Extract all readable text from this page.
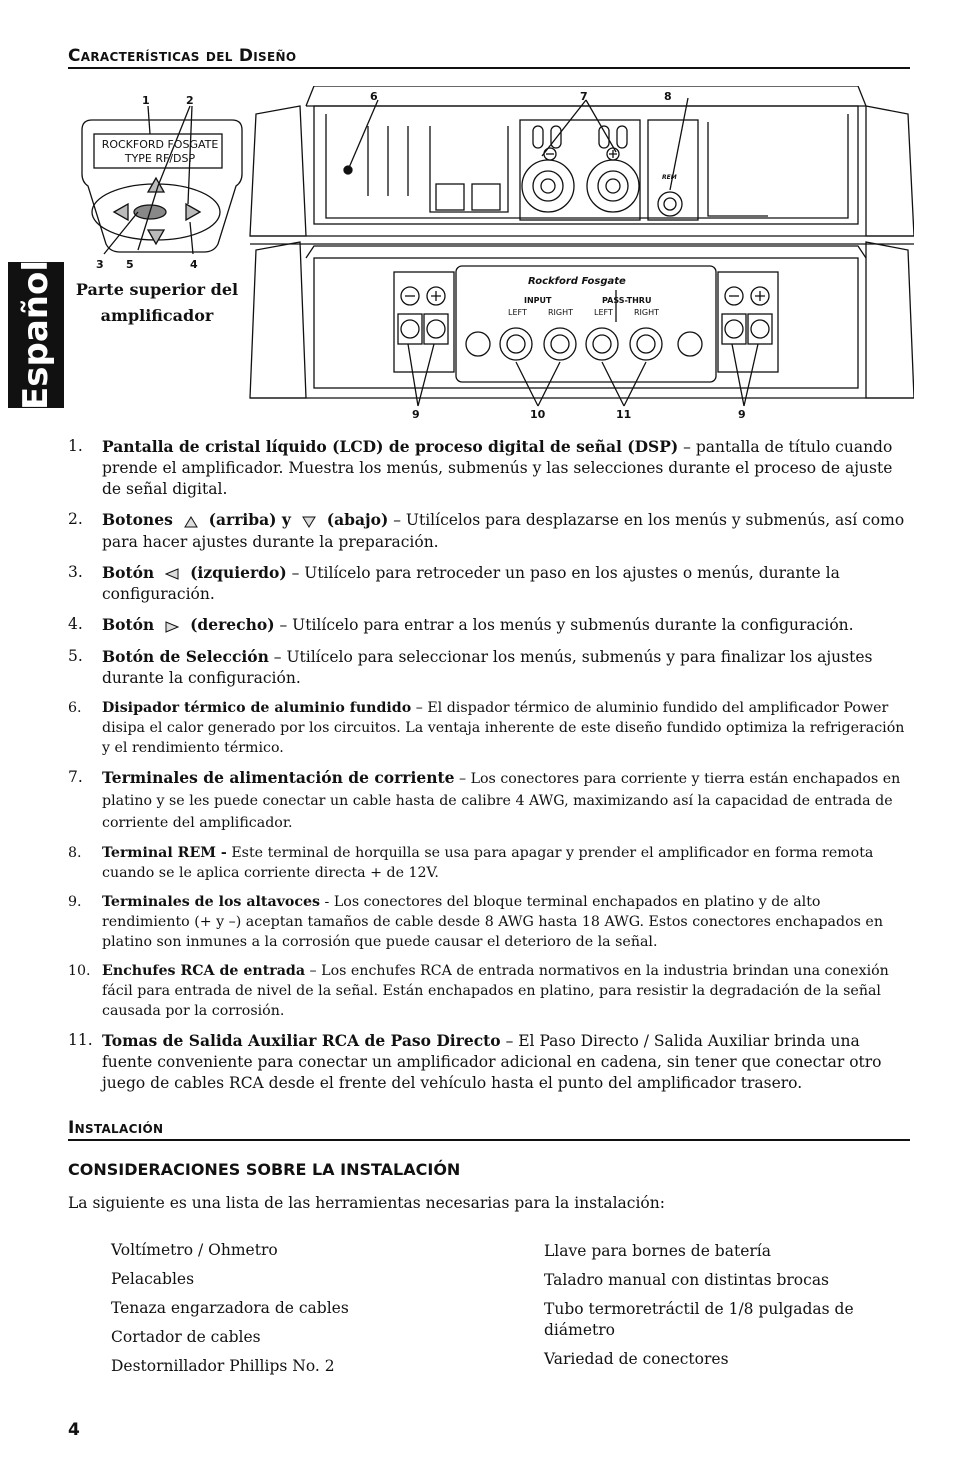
Español
Características del Diseño
ROCKFORD FOSGATE
TYPE RF/DSP
1	2
3 5	4
6	7	8
9	10	11	9
Rockford Fosgate
INPUT	PASS-THRU
LEFT	RIGHT	LEFT	RIGHT
REM
Parte superior del
amplificador
1. Pantalla de cristal líquido (LCD) de proceso digital de señal (DSP) – pantalla de título cuando prende el amplificador. Muestra los menús, submenús y las selecciones durante el proceso de ajuste de señal digital.
2. Botones (arriba) y (abajo) – Utilícelos para desplazarse en los menús y submenús, así como para hacer ajustes durante la preparación.
3. Botón (izquierdo) – Utilícelo para retroceder un paso en los ajustes o menús, durante la configuración.
4. Botón (derecho) – Utilícelo para entrar a los menús y submenús durante la configuración.
5. Botón de Selección – Utilícelo para seleccionar los menús, submenús y para finalizar los ajustes durante la configuración.
6. Disipador térmico de aluminio fundido – El dispador térmico de aluminio fundido del amplificador Power disipa el calor generado por los circuitos. La ventaja inherente de este diseño fundido optimiza la refrigeración y el rendimiento térmico.
7. Terminales de alimentación de corriente – Los conectores para corriente y tierra están enchapados en platino y se les puede conectar un cable hasta de calibre 4 AWG, maximizando así la capacidad de entrada de corriente del amplificador.
8. Terminal REM - Este terminal de horquilla se usa para apagar y prender el amplificador en forma remota cuando se le aplica corriente directa + de 12V.
9. Terminales de los altavoces - Los conectores del bloque terminal enchapados en platino y de alto rendimiento (+ y –) aceptan tamaños de cable desde 8 AWG hasta 18 AWG. Estos conectores enchapados en platino son inmunes a la corrosión que puede causar el deterioro de la señal.
10. Enchufes RCA de entrada – Los enchufes RCA de entrada normativos en la industria brindan una conexión fácil para entrada de nivel de la señal. Están enchapados en platino, para resistir la degradación de la señal causada por la corrosión.
11. Tomas de Salida Auxiliar RCA de Paso Directo – El Paso Directo / Salida Auxiliar brinda una fuente conveniente para conectar un amplificador adicional en cadena, sin tener que conectar otro juego de cables RCA desde el frente del vehículo hasta el punto del amplificador trasero.
Instalación
CONSIDERACIONES SOBRE LA INSTALACIÓN
La siguiente es una lista de las herramientas necesarias para la instalación:
Voltímetro / Ohmetro
Pelacables
Tenaza engarzadora de cables
Cortador de cables
Destornillador Phillips No. 2
Llave para bornes de batería
Taladro manual con distintas brocas
Tubo termoretráctil de 1/8 pulgadas de diámetro
Variedad de conectores
4
